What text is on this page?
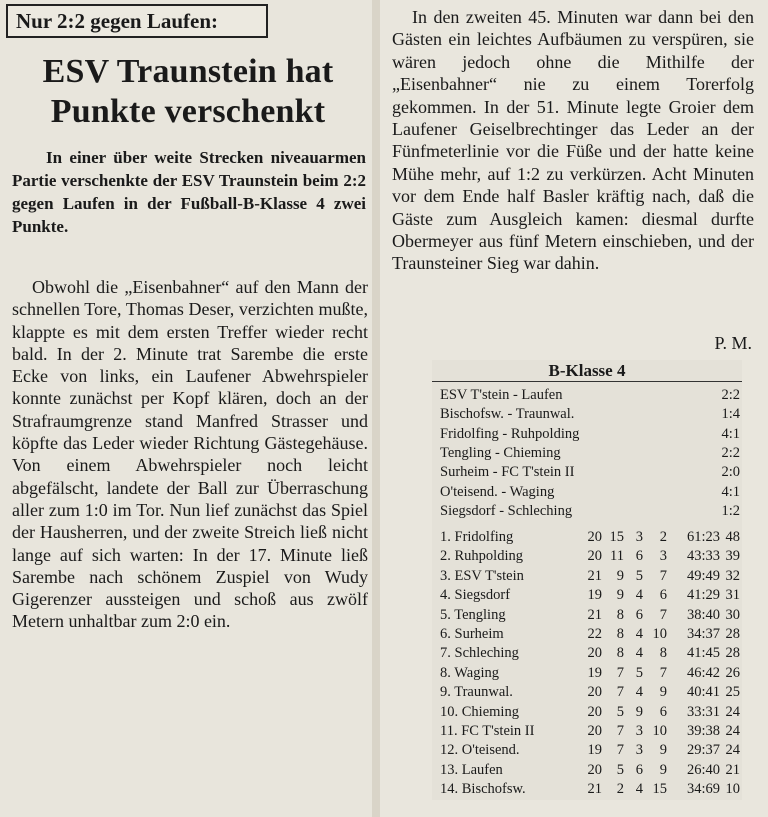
Nur 2:2 gegen Laufen:
ESV Traunstein hat Punkte verschenkt
In einer über weite Strecken niveauarmen Partie verschenkte der ESV Traunstein beim 2:2 gegen Laufen in der Fußball-B-Klasse 4 zwei Punkte.
Obwohl die „Eisenbahner“ auf den Mann der schnellen Tore, Thomas Deser, verzichten mußte, klappte es mit dem ersten Treffer wieder recht bald. In der 2. Minute trat Sarembe die erste Ecke von links, ein Laufener Abwehrspieler konnte zunächst per Kopf klären, doch an der Strafraumgrenze stand Manfred Strasser und köpfte das Leder wieder Richtung Gästegehäuse. Von einem Abwehrspieler noch leicht abgefälscht, landete der Ball zur Überraschung aller zum 1:0 im Tor. Nun lief zunächst das Spiel der Hausherren, und der zweite Streich ließ nicht lange auf sich warten: In der 17. Minute ließ Sarembe nach schönem Zuspiel von Wudy Gigerenzer aussteigen und schoß aus zwölf Metern unhaltbar zum 2:0 ein.
In den zweiten 45. Minuten war dann bei den Gästen ein leichtes Aufbäumen zu verspüren, sie wären jedoch ohne die Mithilfe der „Eisenbahner“ nie zu einem Torerfolg gekommen. In der 51. Minute legte Groier dem Laufener Geiselbrechtinger das Leder an der Fünfmeterlinie vor die Füße und der hatte keine Mühe mehr, auf 1:2 zu verkürzen. Acht Minuten vor dem Ende half Basler kräftig nach, daß die Gäste zum Ausgleich kamen: diesmal durfte Obermeyer aus fünf Metern einschieben, und der Traunsteiner Sieg war dahin.
P. M.
B-Klasse 4
ESV T'stein - Laufen	2:2
Bischofsw. - Traunwal.	1:4
Fridolfing - Ruhpolding	4:1
Tengling - Chieming	2:2
Surheim - FC T'stein II	2:0
O'teisend. - Waging	4:1
Siegsdorf - Schleching	1:2
1. Fridolfing	20 15 3	2	61:23 48
2. Ruhpolding	20 11 6	3	43:33 39
3. ESV T'stein	21	9 5	7	49:49 32
4. Siegsdorf	19	9 4	6	41:29 31
5. Tengling	21	8 6	7	38:40 30
6. Surheim	22	8 4 10	34:37 28
7. Schleching	20	8 4	8	41:45 28
8. Waging	19	7 5	7	46:42 26
9. Traunwal.	20	7 4	9	40:41 25
10. Chieming	20	5 9	6	33:31 24
11. FC T'stein II	20	7 3 10	39:38 24
12. O'teisend.	19	7 3	9	29:37 24
13. Laufen	20	5 6	9	26:40 21
14. Bischofsw.	21	2 4 15	34:69 10
